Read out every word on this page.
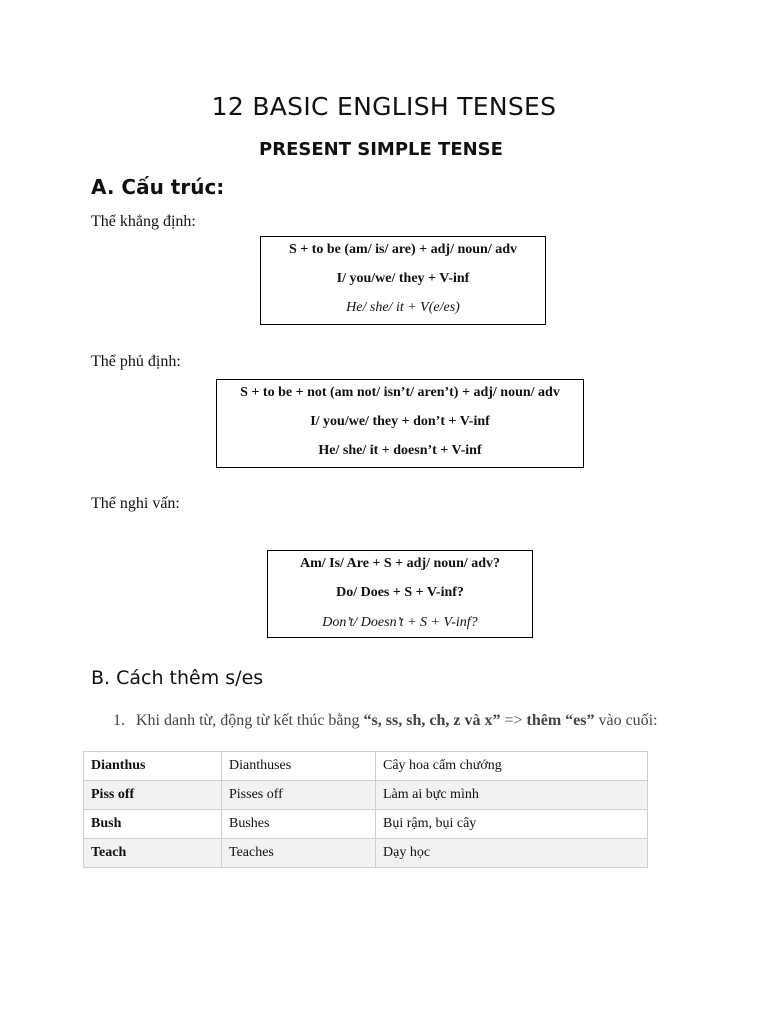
12 BASIC ENGLISH TENSES
PRESENT SIMPLE TENSE
A. Cấu trúc:
Thể khẳng định:
S + to be (am/ is/ are) + adj/ noun/ adv
I/ you/we/ they + V-inf
He/ she/ it + V(e/es)
Thể phủ định:
S + to be + not (am not/ isn’t/ aren’t) + adj/ noun/ adv
I/ you/we/ they + don’t + V-inf
He/ she/ it + doesn’t + V-inf
Thể nghi vấn:
Am/ Is/ Are + S + adj/ noun/ adv?
Do/ Does + S + V-inf?
Don’t/ Doesn’t + S + V-inf?
B. Cách thêm s/es
1. Khi danh từ, động từ kết thúc bằng “s, ss, sh, ch, z và x” => thêm “es” vào cuối:
Dianthus	Dianthuses	Cây hoa cẩm chướng
Piss off	Pisses off	Làm ai bực mình
Bush	Bushes	Bụi rậm, bụi cây
Teach	Teaches	Dạy học
